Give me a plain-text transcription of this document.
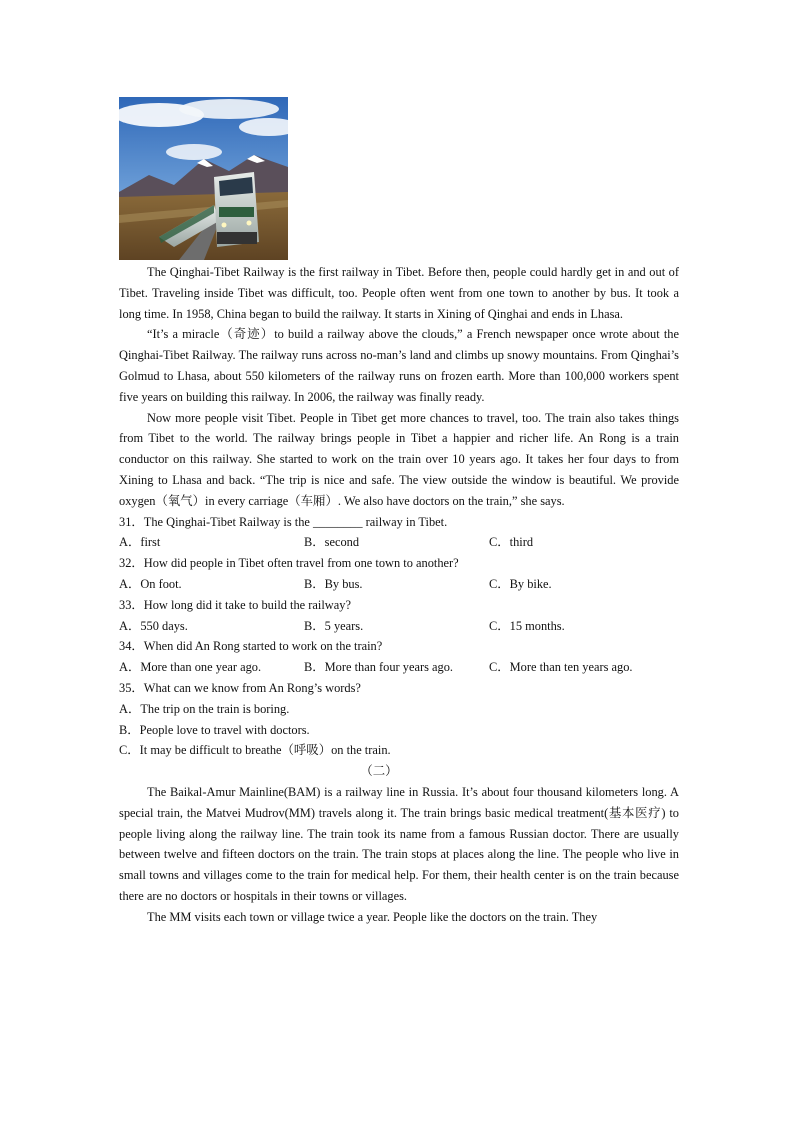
The Qinghai-Tibet Railway is the first railway in Tibet. Before then, people could hardly get in and out of Tibet. Traveling inside Tibet was difficult, too. People often went from one town to another by bus. It took a long time. In 1958, China began to build the railway. It starts in Xining of Qinghai and ends in Lhasa.

“It’s a miracle（奇迹）to build a railway above the clouds,” a French newspaper once wrote about the Qinghai-Tibet Railway. The railway runs across no-man’s land and climbs up snowy mountains. From Qinghai’s Golmud to Lhasa, about 550 kilometers of the railway runs on frozen earth. More than 100,000 workers spent five years on building this railway. In 2006, the railway was finally ready.

Now more people visit Tibet. People in Tibet get more chances to travel, too. The train also takes things from Tibet to the world. The railway brings people in Tibet a happier and richer life. An Rong is a train conductor on this railway. She started to work on the train over 10 years ago. It takes her four days to from Xining to Lhasa and back. “The trip is nice and safe. The view outside the window is beautiful. We provide oxygen（氧气）in every carriage（车厢）. We also have doctors on the train,” she says.

31．The Qinghai-Tibet Railway is the ________ railway in Tibet.

A．first	B．second	C．third

32．How did people in Tibet often travel from one town to another?

A．On foot.	B．By bus.	C．By bike.

33．How long did it take to build the railway?

A．550 days.	B．5 years.	C．15 months.

34．When did An Rong started to work on the train?

A．More than one year ago.	B．More than four years ago.	C．More than ten years ago.

35．What can we know from An Rong’s words?

A．The trip on the train is boring.

B．People love to travel with doctors.

C．It may be difficult to breathe（呼吸）on the train.

（二）

The Baikal-Amur Mainline(BAM) is a railway line in Russia. It’s about four thousand kilometers long. A special train, the Matvei Mudrov(MM) travels along it. The train brings basic medical treatment(基本医疗) to people living along the railway line. The train took its name from a famous Russian doctor. There are usually between twelve and fifteen doctors on the train. The train stops at places along the line. The people who live in small towns and villages come to the train for medical help. For them, their health center is on the train because there are no doctors or hospitals in their towns or villages.

The MM visits each town or village twice a year. People like the doctors on the train. They
